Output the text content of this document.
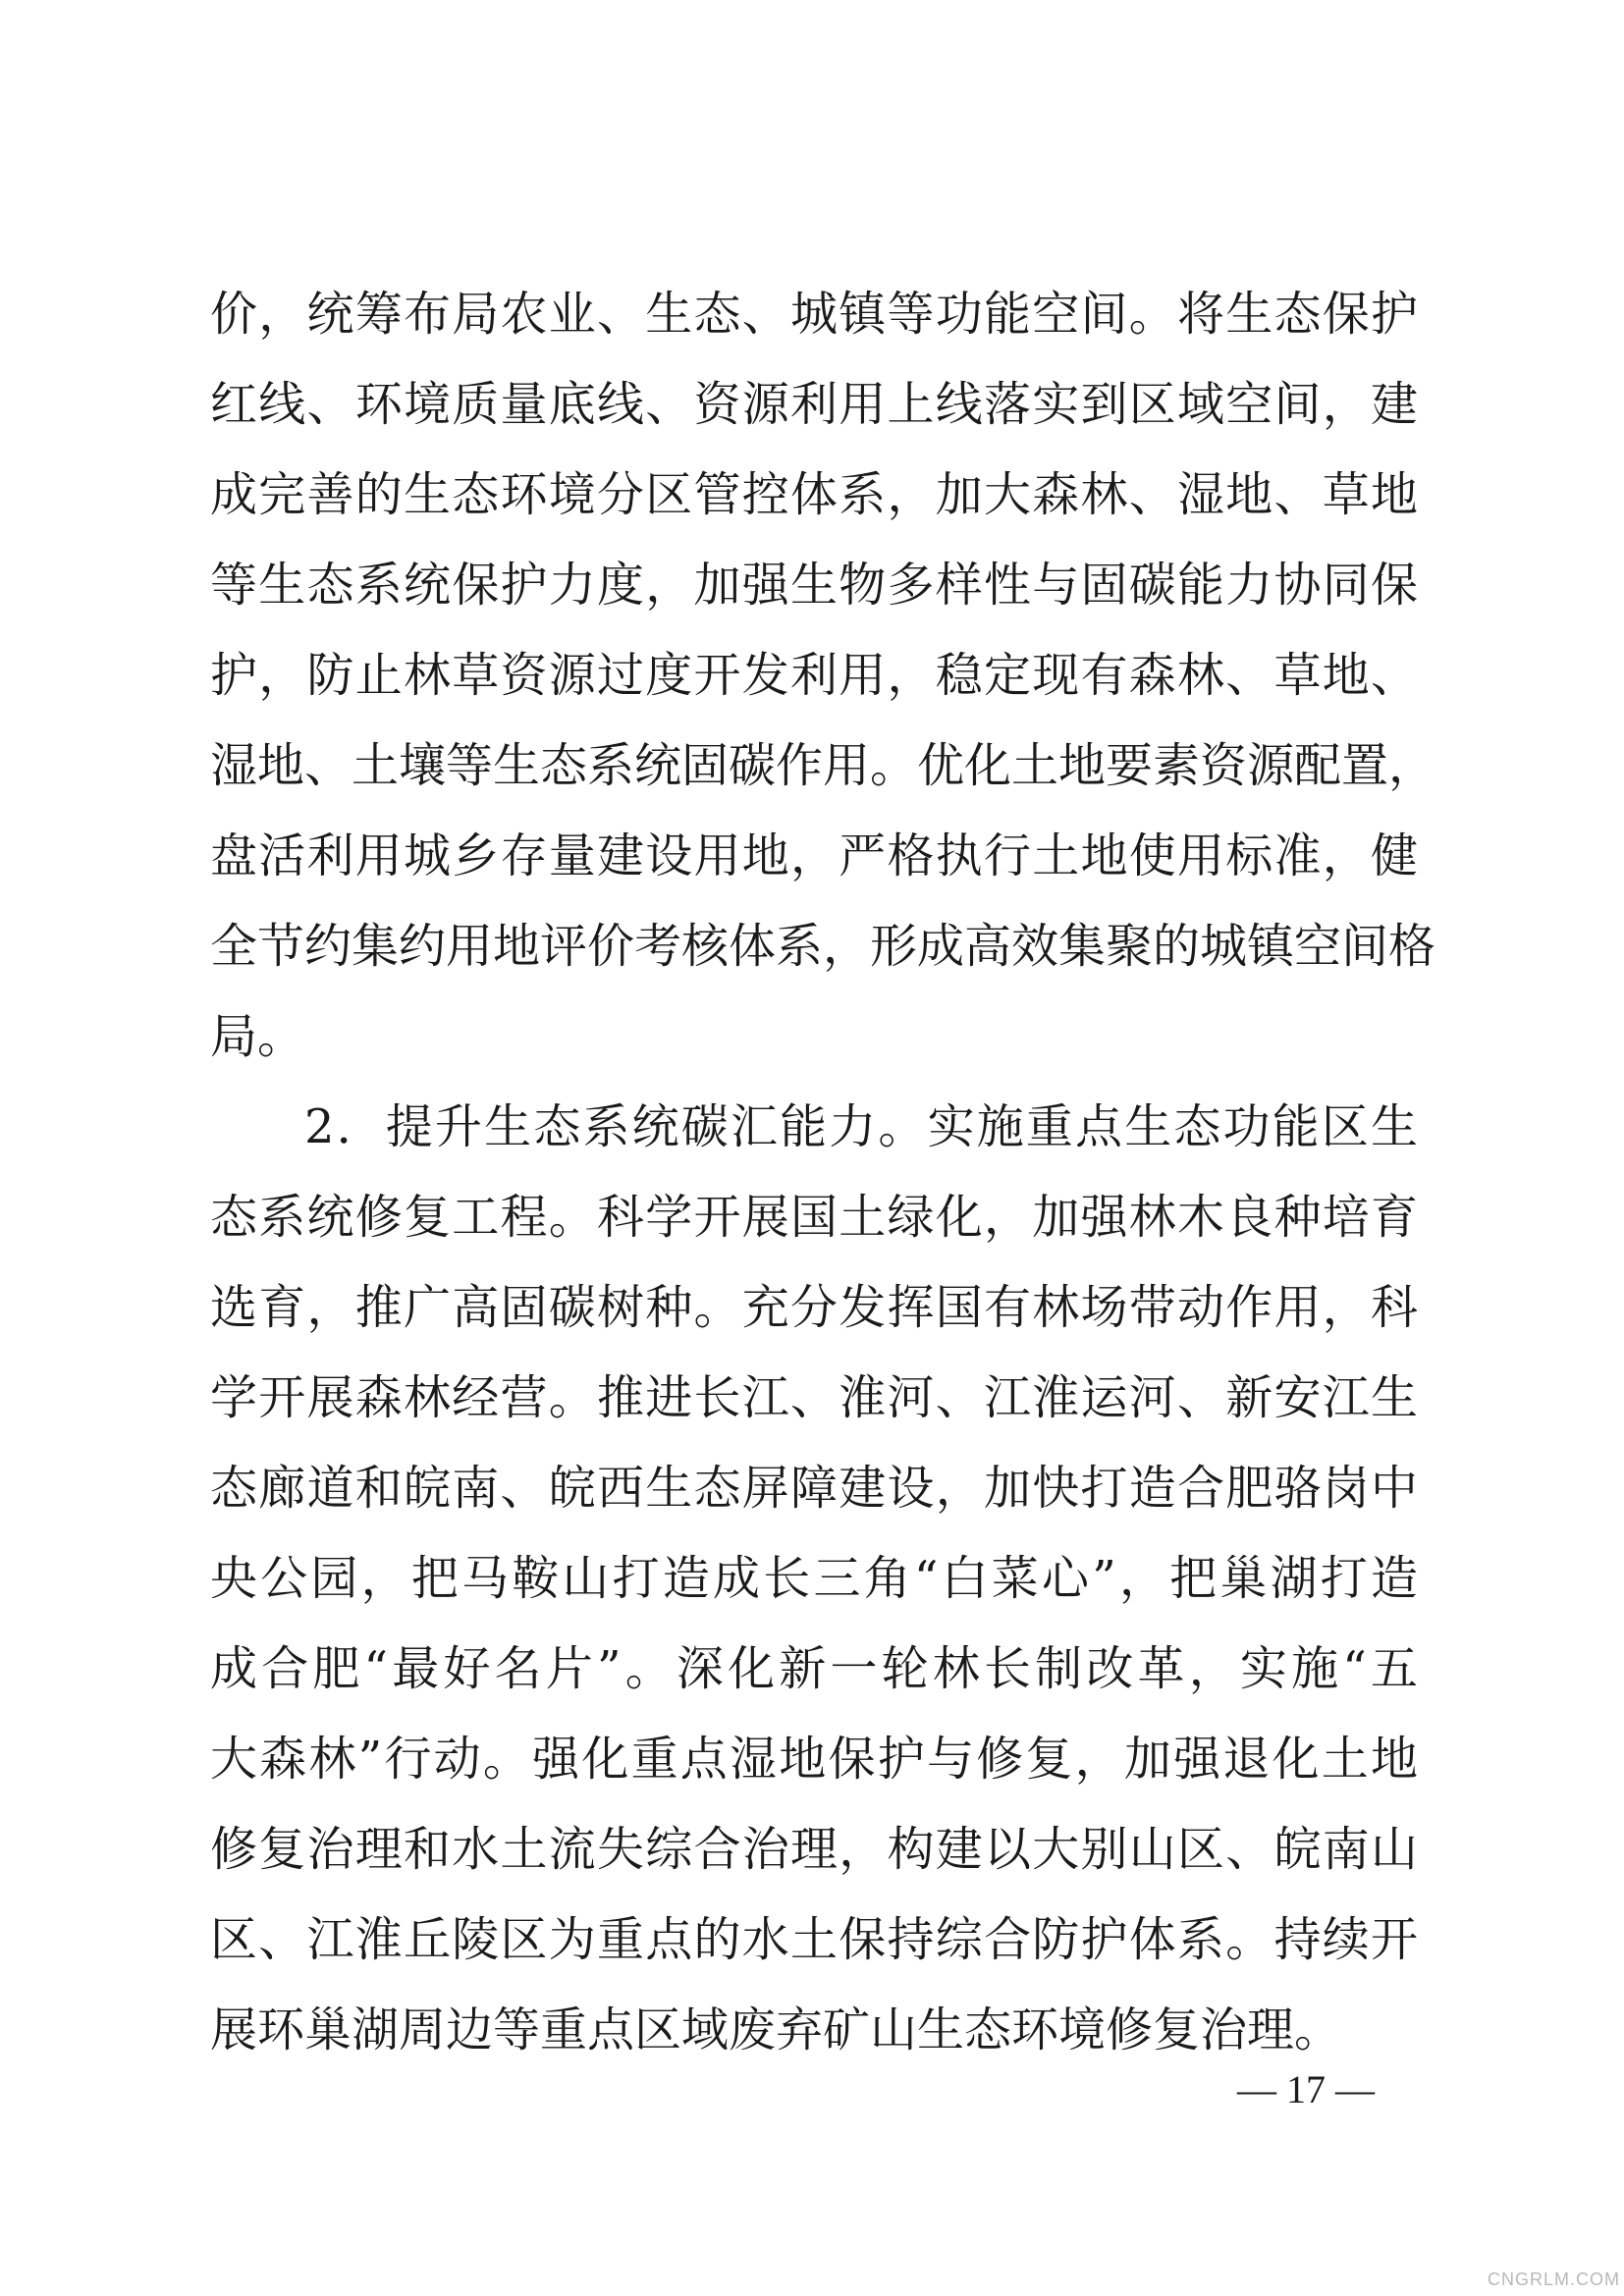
价，统筹布局农业、生态、城镇等功能空间。将生态保护
红线、环境质量底线、资源利用上线落实到区域空间，建
成完善的生态环境分区管控体系，加大森林、湿地、草地
等生态系统保护力度，加强生物多样性与固碳能力协同保
护，防止林草资源过度开发利用，稳定现有森林、草地、
湿地、土壤等生态系统固碳作用。优化土地要素资源配置，
盘活利用城乡存量建设用地，严格执行土地使用标准，健
全节约集约用地评价考核体系，形成高效集聚的城镇空间格
局。
2．提升生态系统碳汇能力。实施重点生态功能区生
态系统修复工程。科学开展国土绿化，加强林木良种培育
选育，推广高固碳树种。充分发挥国有林场带动作用，科
学开展森林经营。推进长江、淮河、江淮运河、新安江生
态廊道和皖南、皖西生态屏障建设，加快打造合肥骆岗中
央公园，把马鞍山打造成长三角“白菜心”，把巢湖打造
成合肥“最好名片”。深化新一轮林长制改革，实施“五
大森林”行动。强化重点湿地保护与修复，加强退化土地
修复治理和水土流失综合治理，构建以大别山区、皖南山
区、江淮丘陵区为重点的水土保持综合防护体系。持续开
展环巢湖周边等重点区域废弃矿山生态环境修复治理。
— 17 —
CNGRLM.COM
